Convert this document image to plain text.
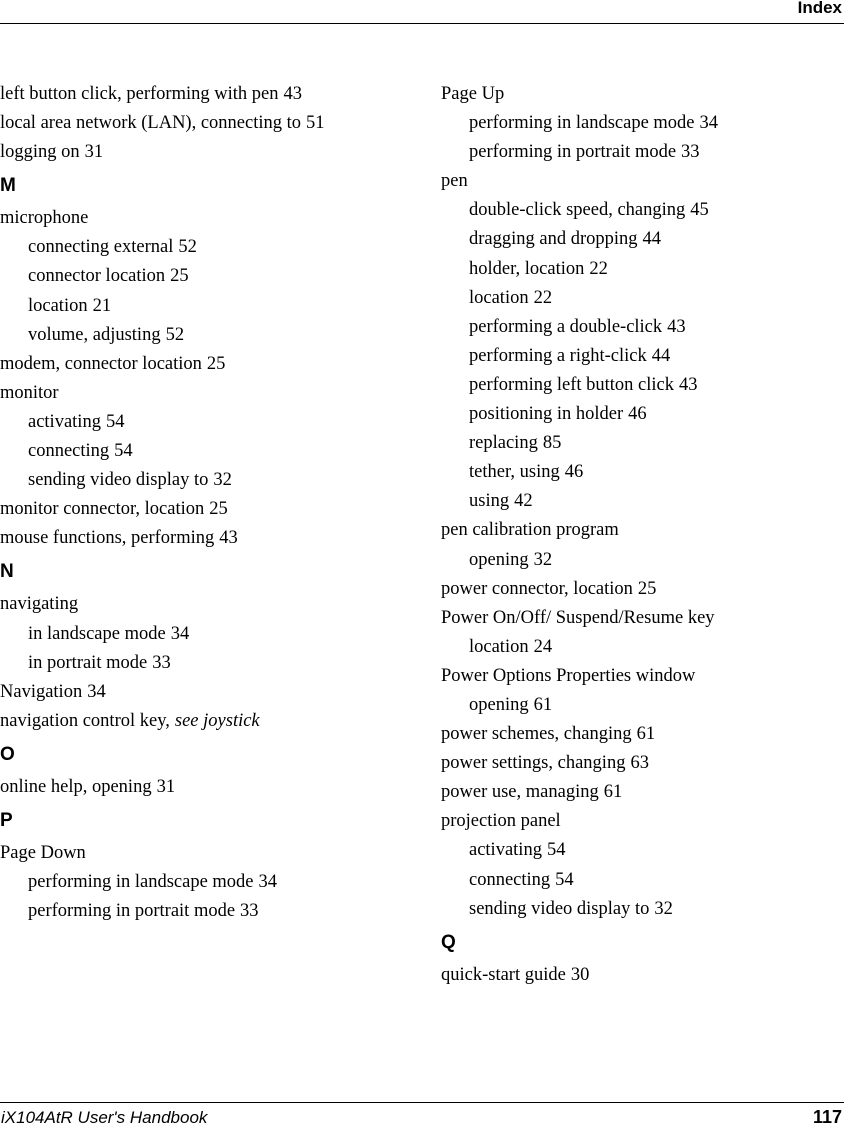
Index
left button click, performing with pen 43
local area network (LAN), connecting to 51
logging on 31
M
microphone
connecting external 52
connector location 25
location 21
volume, adjusting 52
modem, connector location 25
monitor
activating 54
connecting 54
sending video display to 32
monitor connector, location 25
mouse functions, performing 43
N
navigating
in landscape mode 34
in portrait mode 33
Navigation 34
navigation control key, see joystick
O
online help, opening 31
P
Page Down
performing in landscape mode 34
performing in portrait mode 33
Page Up
performing in landscape mode 34
performing in portrait mode 33
pen
double-click speed, changing 45
dragging and dropping 44
holder, location 22
location 22
performing a double-click 43
performing a right-click 44
performing left button click 43
positioning in holder 46
replacing 85
tether, using 46
using 42
pen calibration program
opening 32
power connector, location 25
Power On/Off/ Suspend/Resume key
location 24
Power Options Properties window
opening 61
power schemes, changing 61
power settings, changing 63
power use, managing 61
projection panel
activating 54
connecting 54
sending video display to 32
Q
quick-start guide 30
iX104AtR User's Handbook	117
